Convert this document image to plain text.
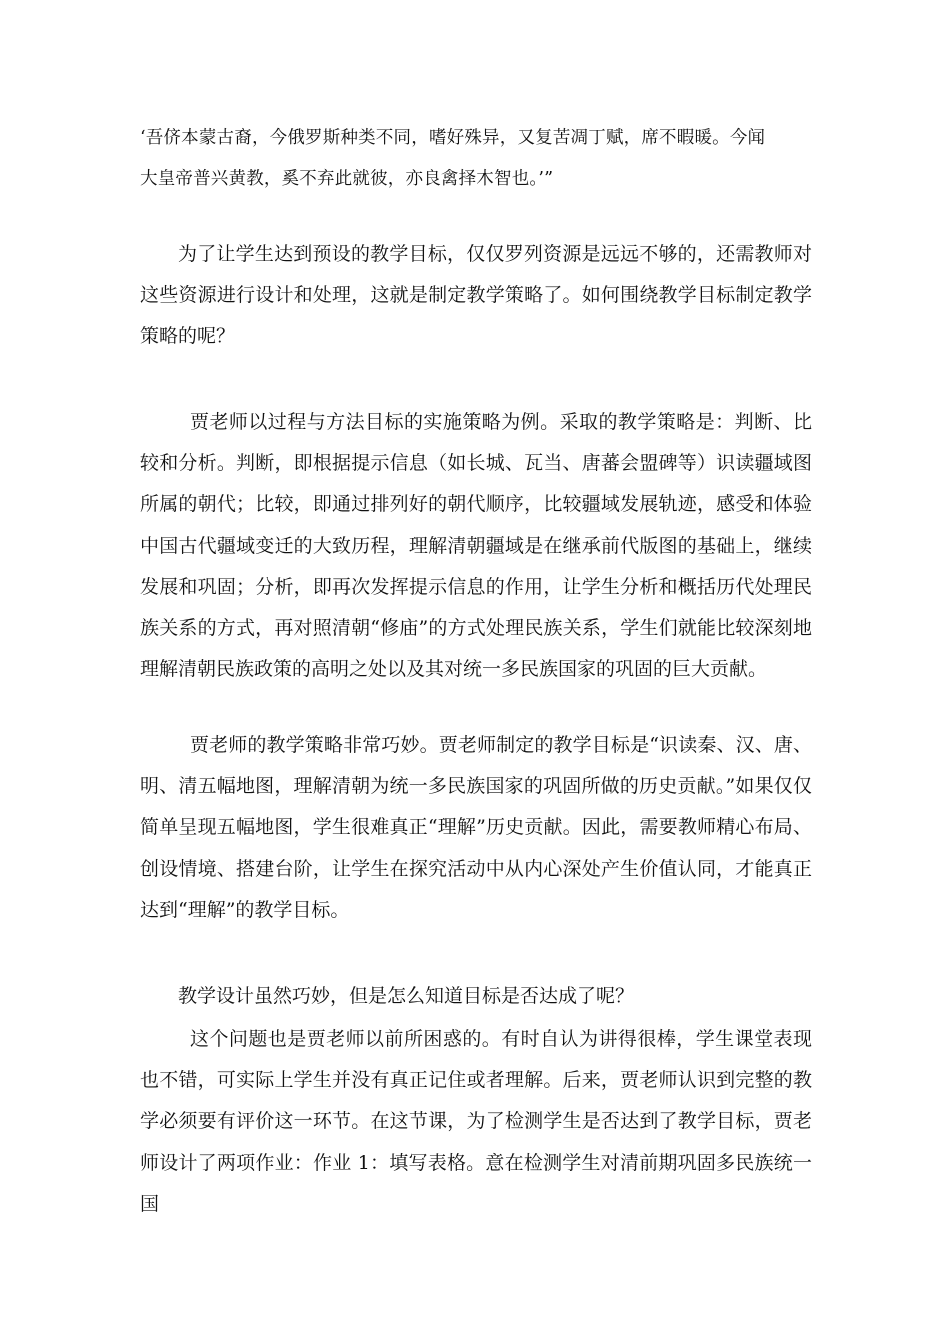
‘吾侪本蒙古裔，今俄罗斯种类不同，嗜好殊异，又复苦凋丁赋，席不暇暖。今闻

大皇帝普兴黄教，奚不弃此就彼，亦良禽择木智也。’”

为了让学生达到预设的教学目标，仅仅罗列资源是远远不够的，还需教师对这些资源进行设计和处理，这就是制定教学策略了。如何围绕教学目标制定教学策略的呢？

贾老师以过程与方法目标的实施策略为例。采取的教学策略是：判断、比较和分析。判断，即根据提示信息（如长城、瓦当、唐蕃会盟碑等）识读疆域图所属的朝代；比较，即通过排列好的朝代顺序，比较疆域发展轨迹，感受和体验中国古代疆域变迁的大致历程，理解清朝疆域是在继承前代版图的基础上，继续发展和巩固；分析，即再次发挥提示信息的作用，让学生分析和概括历代处理民族关系的方式，再对照清朝“修庙”的方式处理民族关系，学生们就能比较深刻地理解清朝民族政策的高明之处以及其对统一多民族国家的巩固的巨大贡献。

贾老师的教学策略非常巧妙。贾老师制定的教学目标是“识读秦、汉、唐、明、清五幅地图，理解清朝为统一多民族国家的巩固所做的历史贡献。”如果仅仅简单呈现五幅地图，学生很难真正“理解”历史贡献。因此，需要教师精心布局、创设情境、搭建台阶，让学生在探究活动中从内心深处产生价值认同，才能真正达到“理解”的教学目标。

教学设计虽然巧妙，但是怎么知道目标是否达成了呢？

这个问题也是贾老师以前所困惑的。有时自认为讲得很棒，学生课堂表现也不错，可实际上学生并没有真正记住或者理解。后来，贾老师认识到完整的教学必须要有评价这一环节。在这节课，为了检测学生是否达到了教学目标，贾老师设计了两项作业：作业 1：填写表格。意在检测学生对清前期巩固多民族统一国
